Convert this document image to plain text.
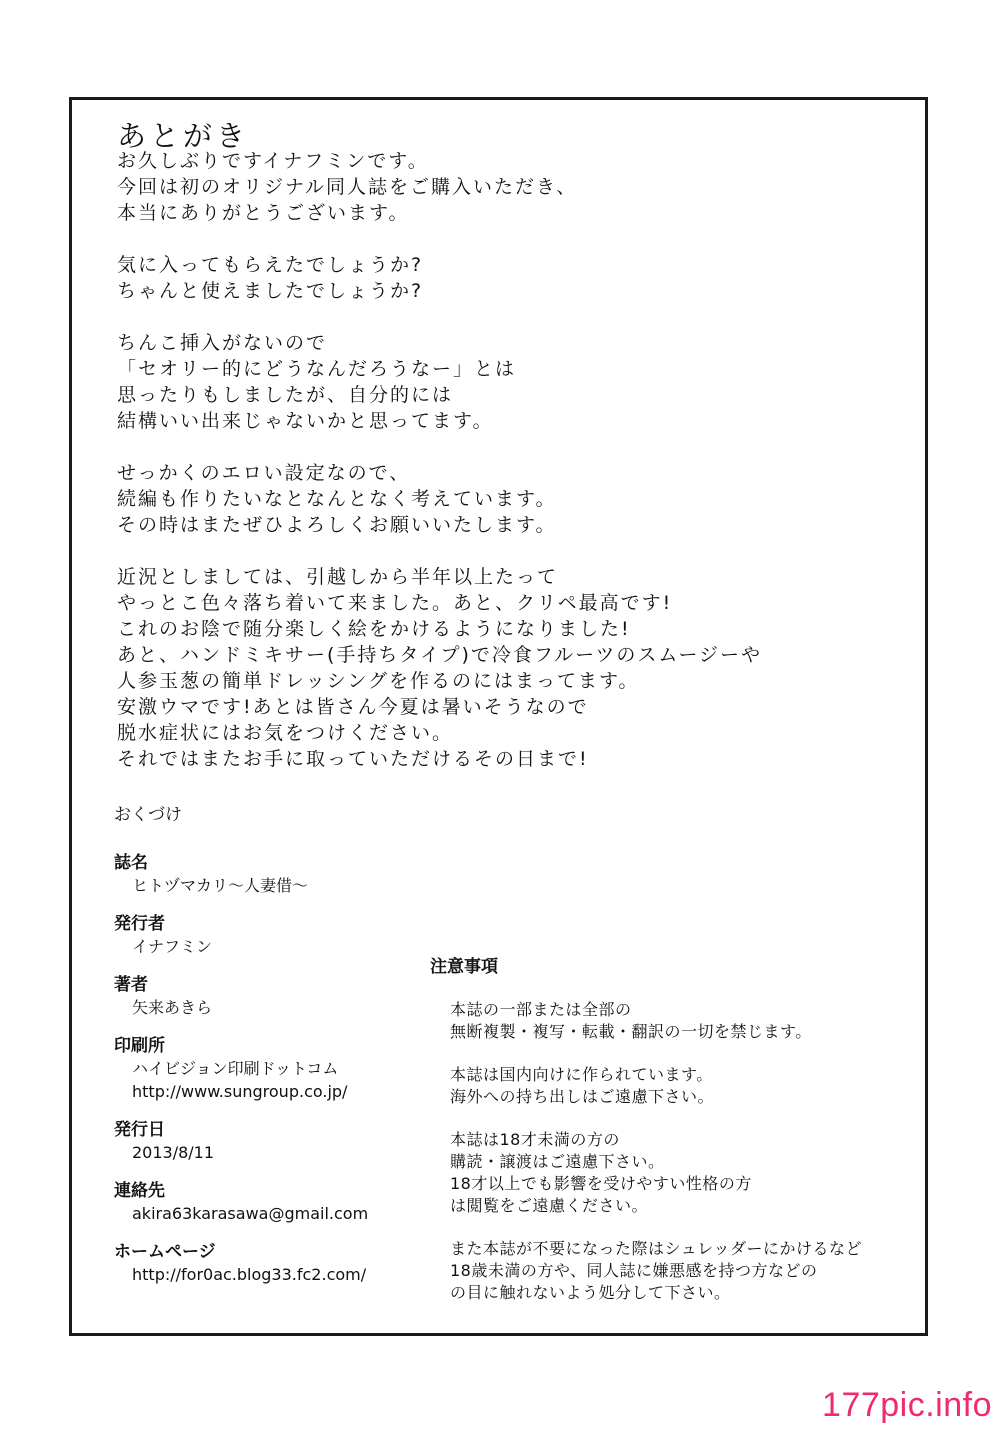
あとがき
お久しぶりですイナフミンです。
今回は初のオリジナル同人誌をご購入いただき、
本当にありがとうございます。
気に入ってもらえたでしょうか?
ちゃんと使えましたでしょうか?
ちんこ挿入がないので
「セオリー的にどうなんだろうなー」とは
思ったりもしましたが、自分的には
結構いい出来じゃないかと思ってます。
せっかくのエロい設定なので、
続編も作りたいなとなんとなく考えています。
その時はまたぜひよろしくお願いいたします。
近況としましては、引越しから半年以上たって
やっとこ色々落ち着いて来ました。あと、クリペ最高です!
これのお陰で随分楽しく絵をかけるようになりました!
あと、ハンドミキサー(手持ちタイプ)で冷食フルーツのスムージーや
人参玉葱の簡単ドレッシングを作るのにはまってます。
安激ウマです!あとは皆さん今夏は暑いそうなので
脱水症状にはお気をつけください。
それではまたお手に取っていただけるその日まで!
おくづけ
誌名
ヒトヅマカリ〜人妻借〜
発行者
イナフミン
著者
矢来あきら
印刷所
ハイビジョン印刷ドットコム
http://www.sungroup.co.jp/
発行日
2013/8/11
連絡先
akira63karasawa@gmail.com
ホームページ
http://for0ac.blog33.fc2.com/
注意事項
本誌の一部または全部の
無断複製・複写・転載・翻訳の一切を禁じます。
本誌は国内向けに作られています。
海外への持ち出しはご遠慮下さい。
本誌は18才未満の方の
購読・譲渡はご遠慮下さい。
18才以上でも影響を受けやすい性格の方
は閲覧をご遠慮ください。
また本誌が不要になった際はシュレッダーにかけるなど
18歳未満の方や、同人誌に嫌悪感を持つ方などの
の目に触れないよう処分して下さい。
177pic.info
